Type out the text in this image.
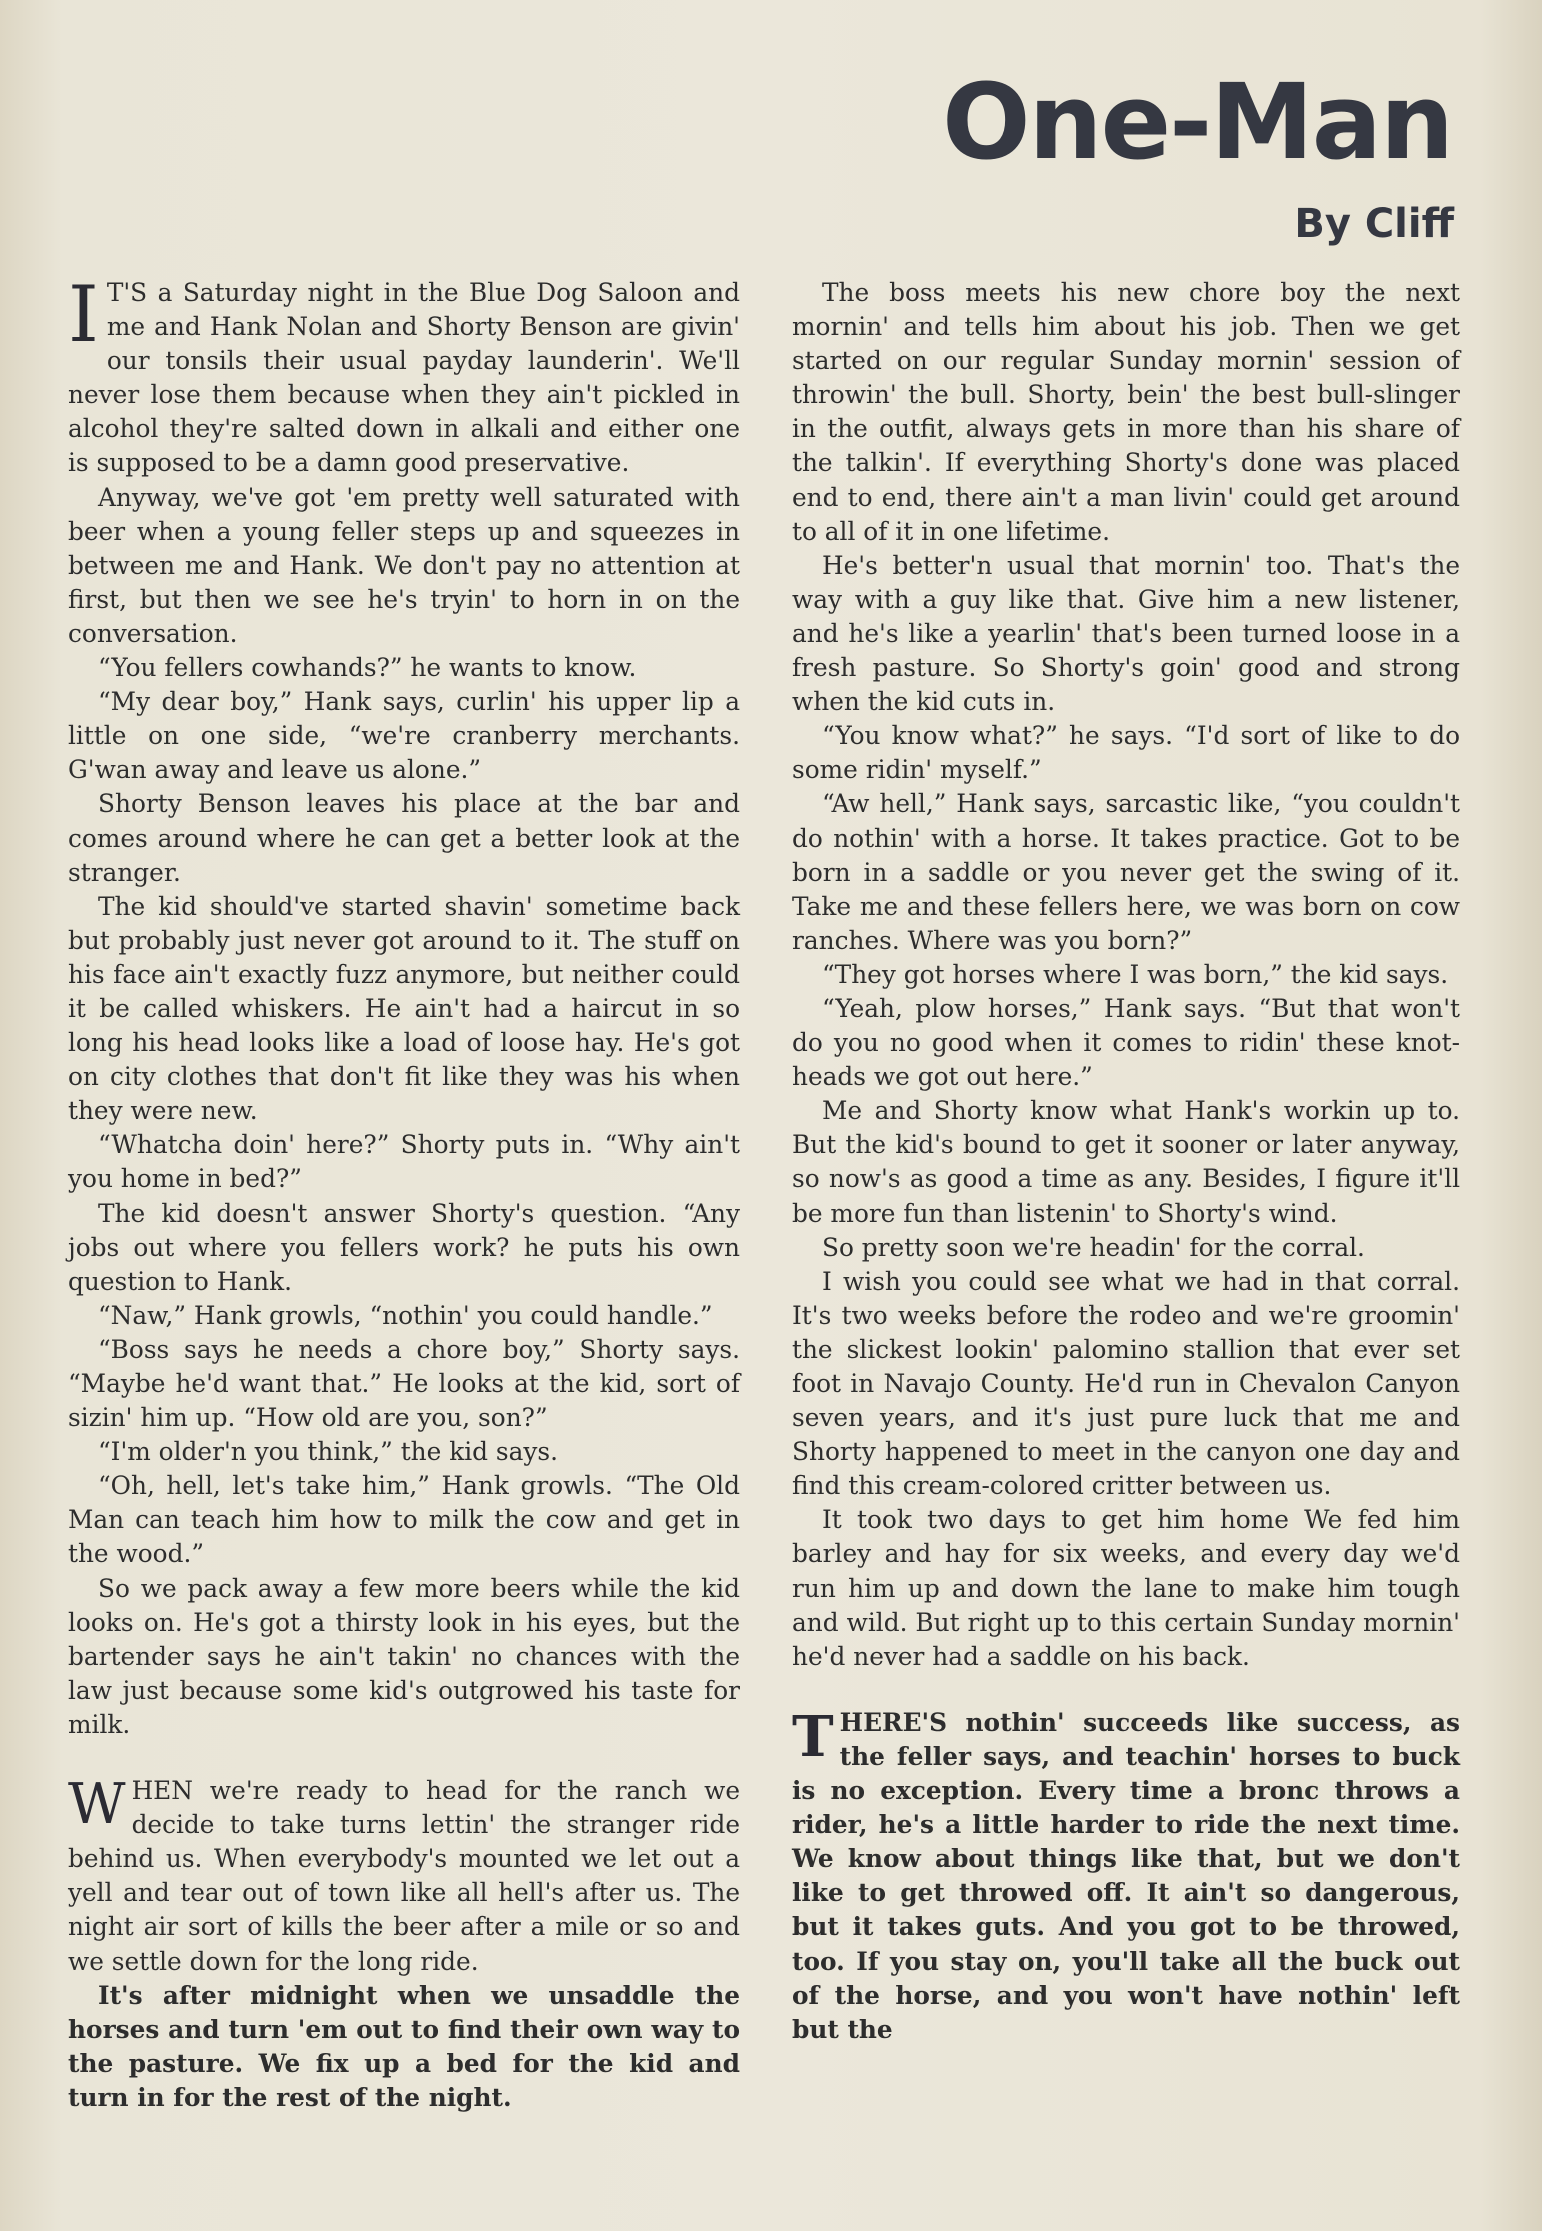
One-Man
By Cliff

I T'S a Saturday night in the Blue Dog Saloon and me and Hank Nolan and Shorty Benson are givin' our tonsils their usual payday launderin'. We'll never lose them because when they ain't pickled in alcohol they're salted down in alkali and either one is supposed to be a damn good preservative.

Anyway, we've got 'em pretty well saturated with beer when a young feller steps up and squeezes in between me and Hank. We don't pay no attention at first, but then we see he's tryin' to horn in on the conversation.

“You fellers cowhands?” he wants to know.

“My dear boy,” Hank says, curlin' his upper lip a little on one side, “we're cranberry merchants. G'wan away and leave us alone.”

Shorty Benson leaves his place at the bar and comes around where he can get a better look at the stranger.

The kid should've started shavin' sometime back but probably just never got around to it. The stuff on his face ain't exactly fuzz anymore, but neither could it be called whiskers. He ain't had a haircut in so long his head looks like a load of loose hay. He's got on city clothes that don't fit like they was his when they were new.

“Whatcha doin' here?” Shorty puts in. “Why ain't you home in bed?”

The kid doesn't answer Shorty's question. “Any jobs out where you fellers work? he puts his own question to Hank.

“Naw,” Hank growls, “nothin' you could handle.”

“Boss says he needs a chore boy,” Shorty says. “Maybe he'd want that.” He looks at the kid, sort of sizin' him up. “How old are you, son?”

“I'm older'n you think,” the kid says.

“Oh, hell, let's take him,” Hank growls. “The Old Man can teach him how to milk the cow and get in the wood.”

So we pack away a few more beers while the kid looks on. He's got a thirsty look in his eyes, but the bartender says he ain't takin' no chances with the law just because some kid's outgrowed his taste for milk.

WHEN we're ready to head for the ranch we decide to take turns lettin' the stranger ride behind us. When everybody's mounted we let out a yell and tear out of town like all hell's after us. The night air sort of kills the beer after a mile or so and we settle down for the long ride.

It's after midnight when we unsaddle the horses and turn 'em out to find their own way to the pasture. We fix up a bed for the kid and turn in for the rest of the night.

The boss meets his new chore boy the next mornin' and tells him about his job. Then we get started on our regular Sunday mornin' session of throwin' the bull. Shorty, bein' the best bull-slinger in the outfit, always gets in more than his share of the talkin'. If everything Shorty's done was placed end to end, there ain't a man livin' could get around to all of it in one lifetime.

He's better'n usual that mornin' too. That's the way with a guy like that. Give him a new listener, and he's like a yearlin' that's been turned loose in a fresh pasture. So Shorty's goin' good and strong when the kid cuts in.

“You know what?” he says. “I'd sort of like to do some ridin' myself.”

“Aw hell,” Hank says, sarcastic like, “you couldn't do nothin' with a horse. It takes practice. Got to be born in a saddle or you never get the swing of it. Take me and these fellers here, we was born on cow ranches. Where was you born?”

“They got horses where I was born,” the kid says.

“Yeah, plow horses,” Hank says. “But that won't do you no good when it comes to ridin' these knot-heads we got out here.”

Me and Shorty know what Hank's workin up to. But the kid's bound to get it sooner or later anyway, so now's as good a time as any. Besides, I figure it'll be more fun than listenin' to Shorty's wind.

So pretty soon we're headin' for the corral.

I wish you could see what we had in that corral. It's two weeks before the rodeo and we're groomin' the slickest lookin' palomino stallion that ever set foot in Navajo County. He'd run in Chevalon Canyon seven years, and it's just pure luck that me and Shorty happened to meet in the canyon one day and find this cream-colored critter between us.

It took two days to get him home We fed him barley and hay for six weeks, and every day we'd run him up and down the lane to make him tough and wild. But right up to this certain Sunday mornin' he'd never had a saddle on his back.

THERE'S nothin' succeeds like success, as the feller says, and teachin' horses to buck is no exception. Every time a bronc throws a rider, he's a little harder to ride the next time. We know about things like that, but we don't like to get throwed off. It ain't so dangerous, but it takes guts. And you got to be throwed, too. If you stay on, you'll take all the buck out of the horse, and you won't have nothin' left but the
